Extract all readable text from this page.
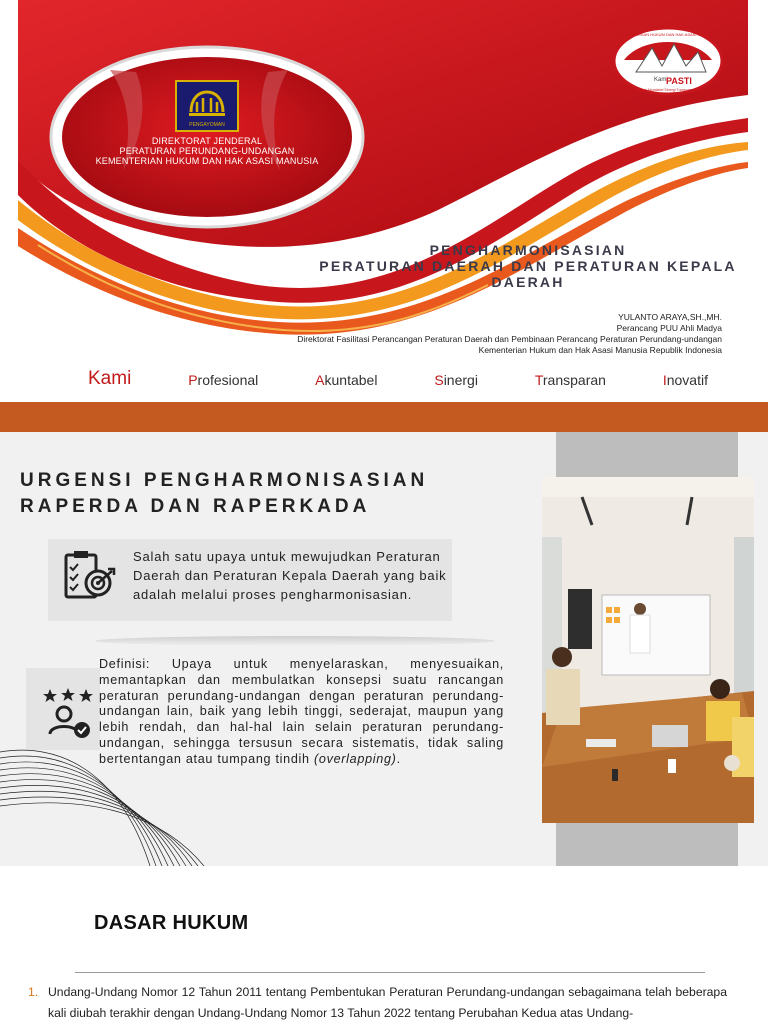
PENGAYOMAN
DIREKTORAT JENDERAL
PERATURAN PERUNDANG-UNDANGAN
KEMENTERIAN HUKUM DAN HAK ASASI MANUSIA
KEMENTERIAN HUKUM DAN HAK ASASI MANUSIA
Kami
PASTI
Profesional Akuntabel Sinergi Transparan Inovatif
PENGHARMONISASIAN
PERATURAN DAERAH DAN PERATURAN KEPALA
DAERAH
YULANTO ARAYA,SH.,MH.
Perancang PUU Ahli Madya
Direktorat Fasilitasi Perancangan Peraturan Daerah dan Pembinaan Perancang Peraturan Perundang-undangan
Kementerian Hukum dan Hak Asasi Manusia Republik Indonesia
Kami	Profesional	Akuntabel	Sinergi	Transparan	Inovatif
URGENSI PENGHARMONISASIAN
RAPERDA DAN RAPERKADA
Salah satu upaya untuk mewujudkan Peraturan Daerah dan Peraturan Kepala Daerah yang baik adalah melalui proses pengharmonisasian.
Definisi: Upaya untuk menyelaraskan, menyesuaikan, memantapkan dan membulatkan konsepsi suatu rancangan peraturan perundang-undangan dengan peraturan perundang-undangan lain, baik yang lebih tinggi, sederajat, maupun yang lebih rendah, dan hal-hal lain selain peraturan perundang-undangan, sehingga tersusun secara sistematis, tidak saling bertentangan atau tumpang tindih (overlapping).
DASAR HUKUM
1. Undang-Undang Nomor 12 Tahun 2011 tentang Pembentukan Peraturan Perundang-undangan sebagaimana telah beberapa kali diubah terakhir dengan Undang-Undang Nomor 13 Tahun 2022 tentang Perubahan Kedua atas Undang-
